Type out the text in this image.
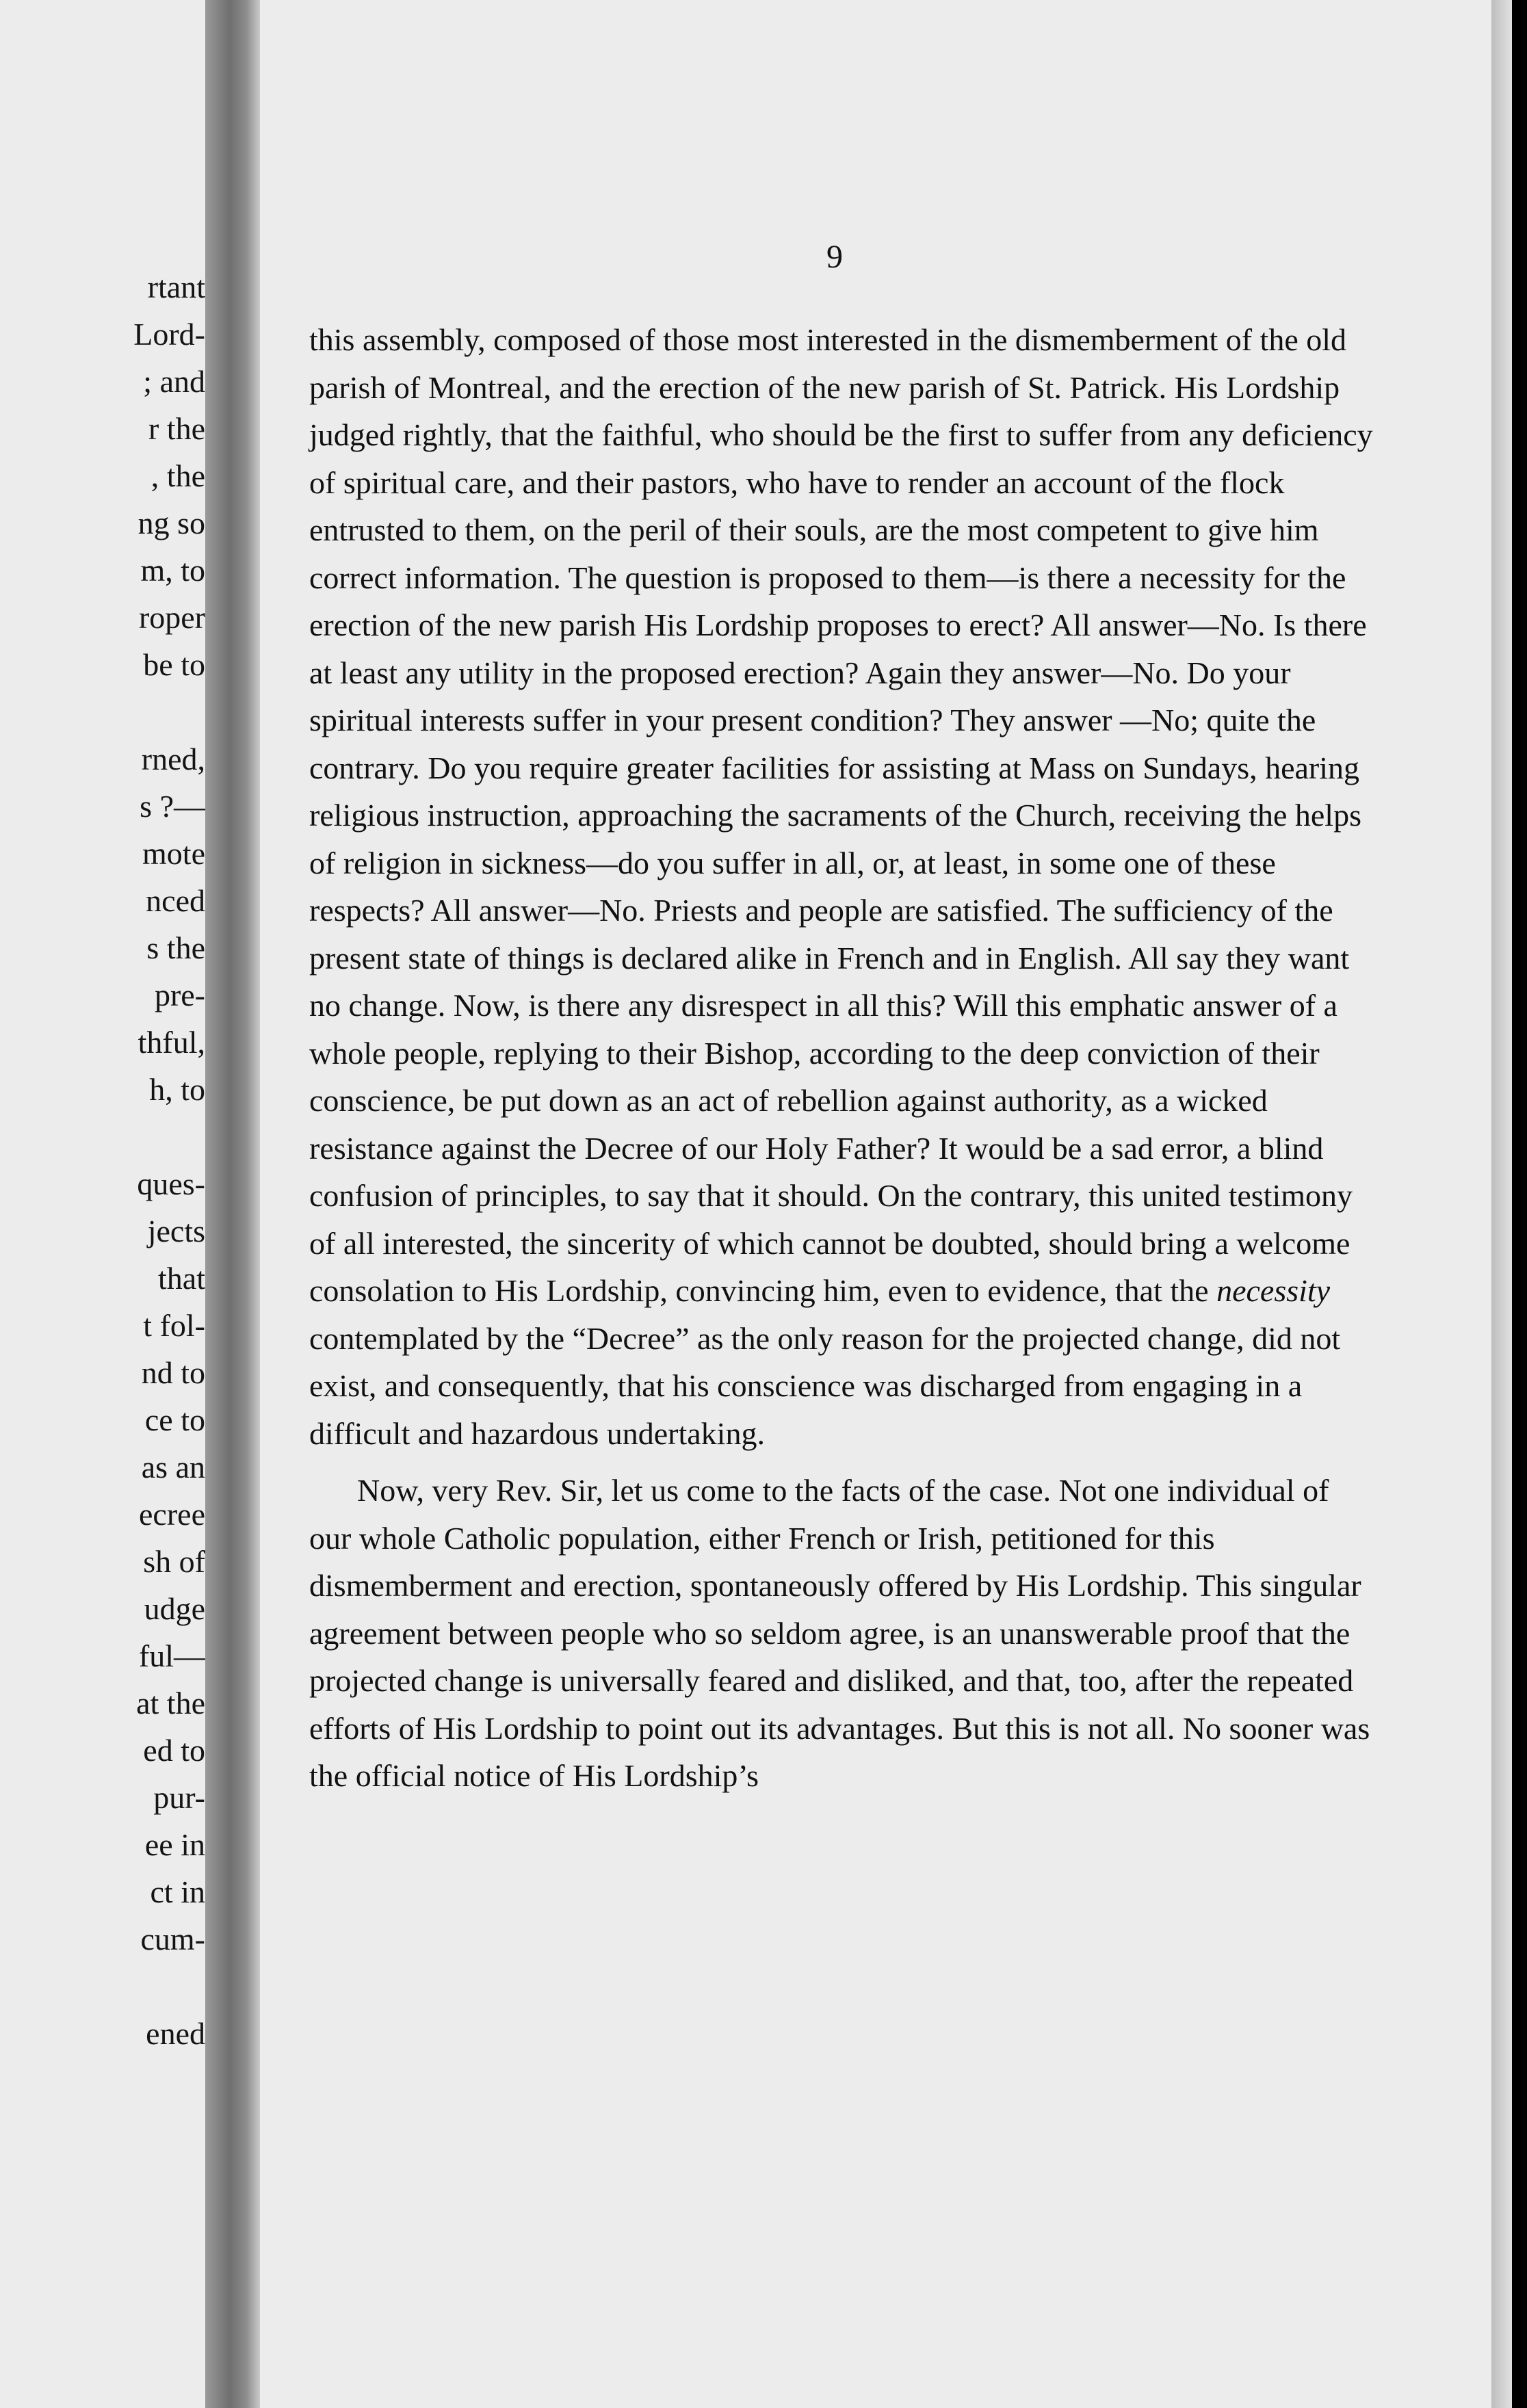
rtant
Lord-
; and
r the
, the
ng so
m, to
roper
be to
rned,
s ?—
mote
nced
s the
pre-
thful,
h, to
ques-
jects
that
t fol-
nd to
ce to
as an
ecree
sh of
udge
ful—
at the
ed to
pur-
ee in
ct in
cum-
ened
9

this assembly, composed of those most interested in the dismemberment of the old parish of Montreal, and the erection of the new parish of St. Patrick. His Lordship judged rightly, that the faithful, who should be the first to suffer from any deficiency of spiritual care, and their pastors, who have to render an account of the flock entrusted to them, on the peril of their souls, are the most competent to give him correct information. The question is proposed to them—is there a necessity for the erection of the new parish His Lordship proposes to erect? All answer—No. Is there at least any utility in the proposed erection? Again they answer—No. Do your spiritual interests suffer in your present condition? They answer —No; quite the contrary. Do you require greater facilities for assisting at Mass on Sundays, hearing religious instruction, approaching the sacraments of the Church, receiving the helps of religion in sickness—do you suffer in all, or, at least, in some one of these respects? All answer—No. Priests and people are satisfied. The sufficiency of the present state of things is declared alike in French and in English. All say they want no change. Now, is there any disrespect in all this? Will this emphatic answer of a whole people, replying to their Bishop, according to the deep conviction of their conscience, be put down as an act of rebellion against authority, as a wicked resistance against the Decree of our Holy Father? It would be a sad error, a blind confusion of principles, to say that it should. On the contrary, this united testimony of all interested, the sincerity of which cannot be doubted, should bring a welcome consolation to His Lordship, convincing him, even to evidence, that the necessity contemplated by the “Decree” as the only reason for the projected change, did not exist, and consequently, that his conscience was discharged from engaging in a difficult and hazardous undertaking.

Now, very Rev. Sir, let us come to the facts of the case. Not one individual of our whole Catholic population, either French or Irish, petitioned for this dismemberment and erection, spontaneously offered by His Lordship. This singular agreement between people who so seldom agree, is an unanswerable proof that the projected change is universally feared and disliked, and that, too, after the repeated efforts of His Lordship to point out its advantages. But this is not all. No sooner was the official notice of His Lordship’s
